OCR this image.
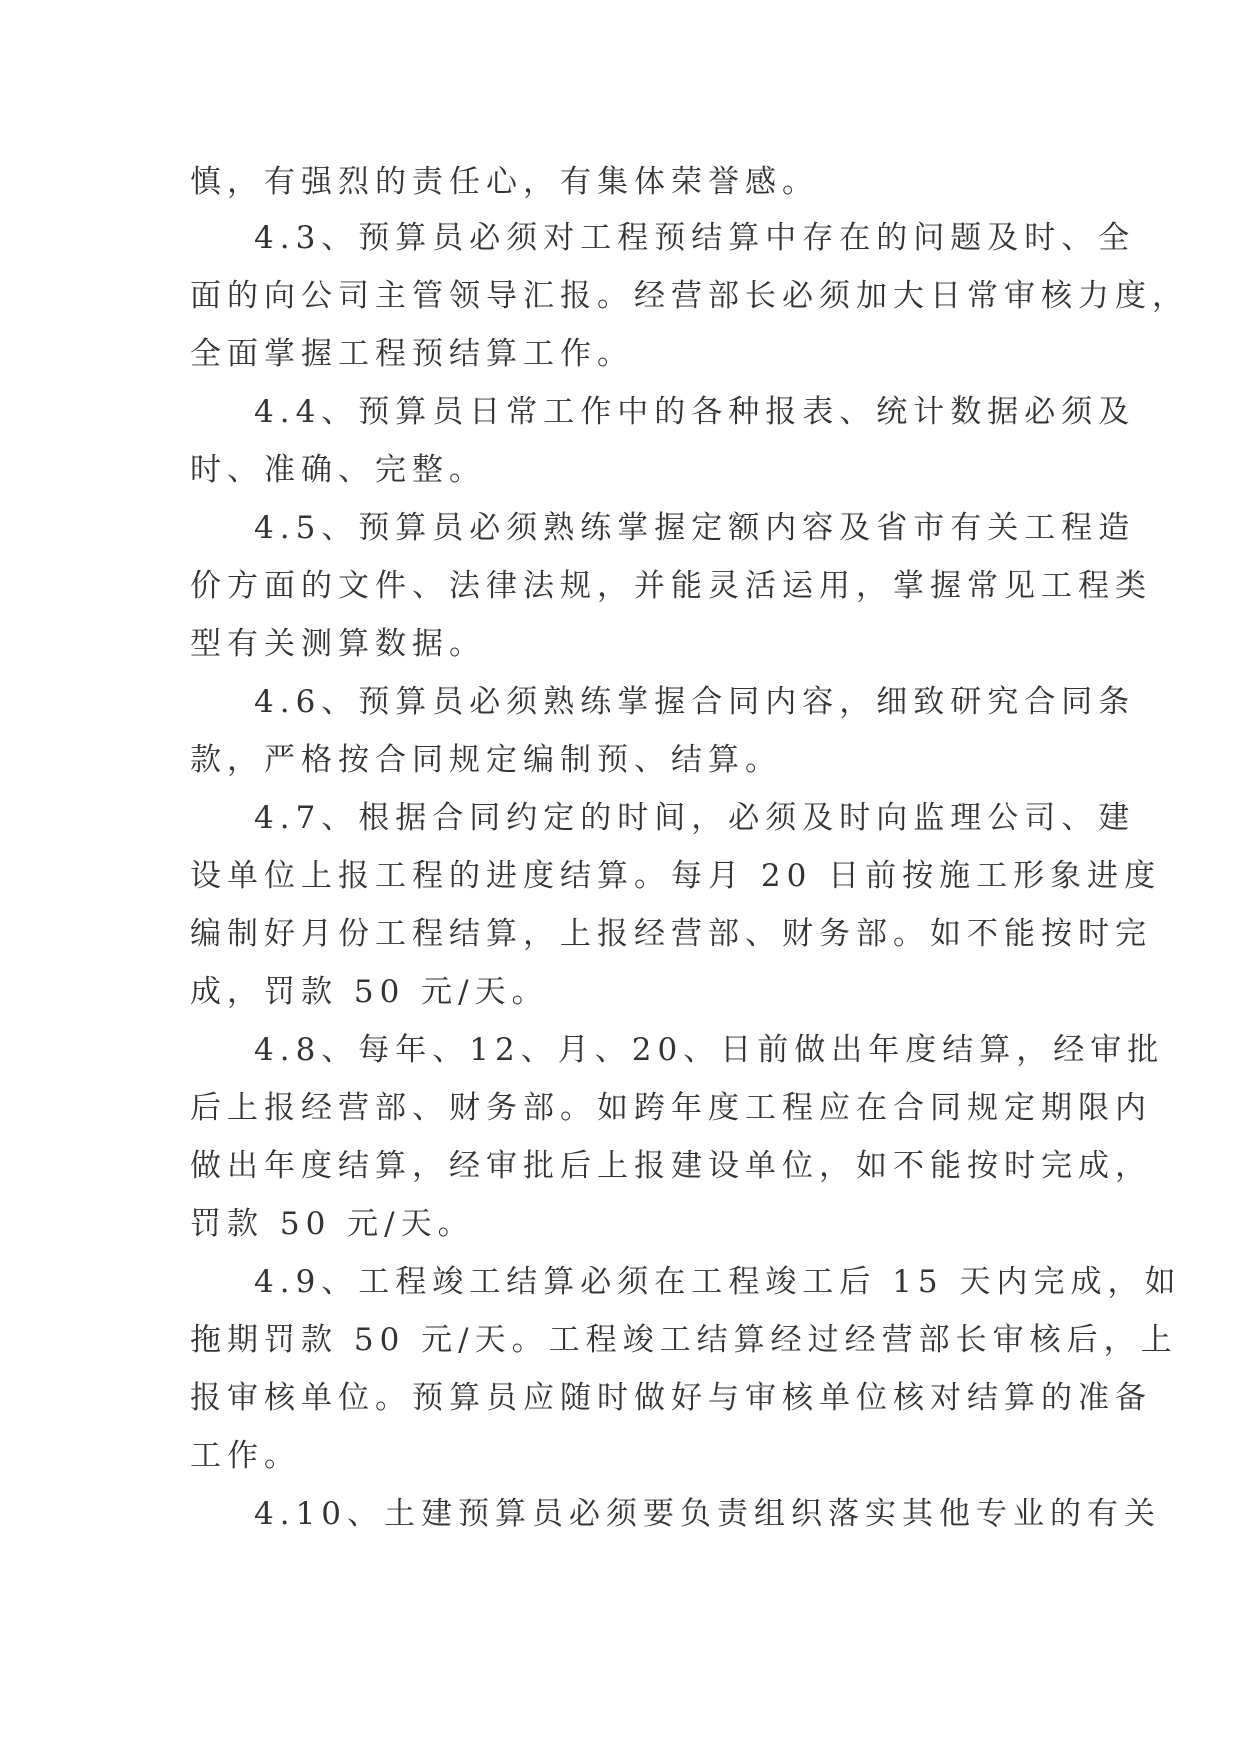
慎，有强烈的责任心，有集体荣誉感。
4.3、预算员必须对工程预结算中存在的问题及时、全
面的向公司主管领导汇报。经营部长必须加大日常审核力度，
全面掌握工程预结算工作。
4.4、预算员日常工作中的各种报表、统计数据必须及
时、准确、完整。
4.5、预算员必须熟练掌握定额内容及省市有关工程造
价方面的文件、法律法规，并能灵活运用，掌握常见工程类
型有关测算数据。
4.6、预算员必须熟练掌握合同内容，细致研究合同条
款，严格按合同规定编制预、结算。
4.7、根据合同约定的时间，必须及时向监理公司、建
设单位上报工程的进度结算。每月 20 日前按施工形象进度
编制好月份工程结算，上报经营部、财务部。如不能按时完
成，罚款 50 元/天。
4.8、每年、12、月、20、日前做出年度结算，经审批
后上报经营部、财务部。如跨年度工程应在合同规定期限内
做出年度结算，经审批后上报建设单位，如不能按时完成，
罚款 50 元/天。
4.9、工程竣工结算必须在工程竣工后 15 天内完成，如
拖期罚款 50 元/天。工程竣工结算经过经营部长审核后，上
报审核单位。预算员应随时做好与审核单位核对结算的准备
工作。
4.10、土建预算员必须要负责组织落实其他专业的有关
